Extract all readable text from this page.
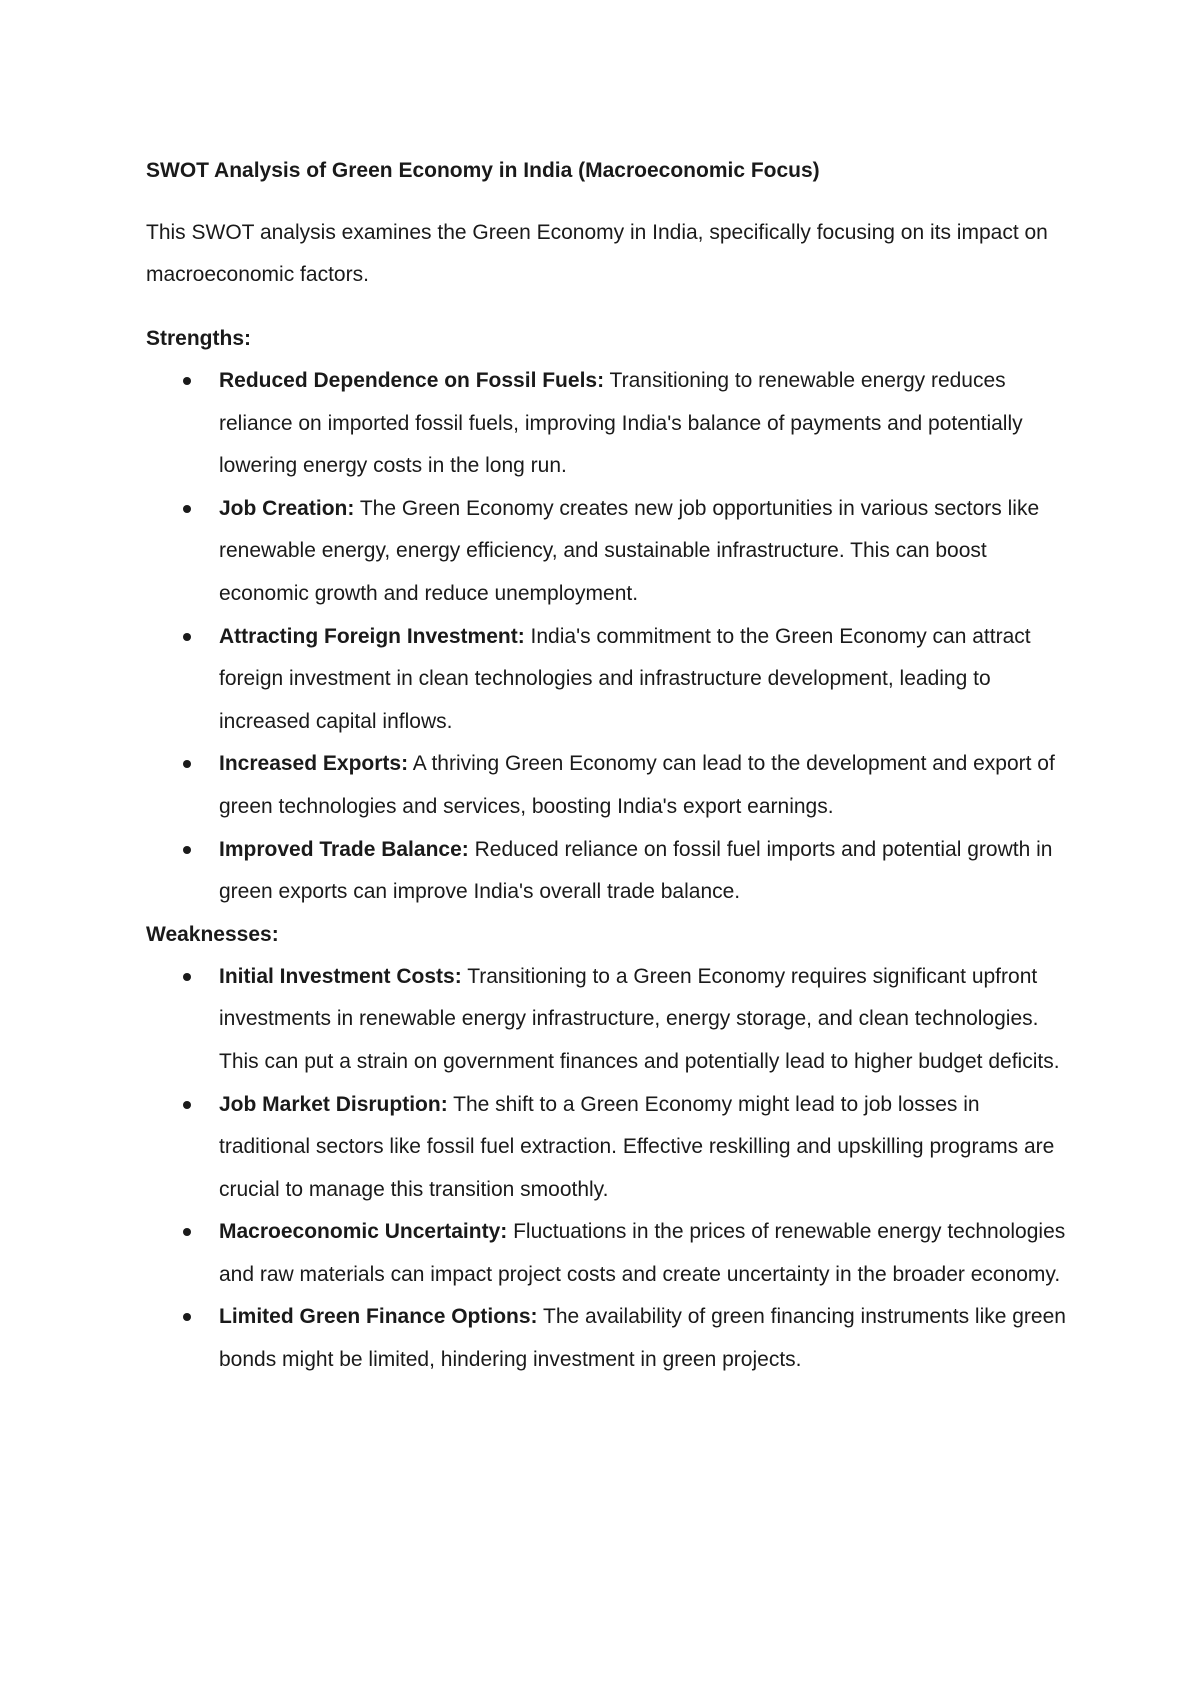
SWOT Analysis of Green Economy in India (Macroeconomic Focus)
This SWOT analysis examines the Green Economy in India, specifically focusing on its impact on macroeconomic factors.
Strengths:
Reduced Dependence on Fossil Fuels: Transitioning to renewable energy reduces reliance on imported fossil fuels, improving India's balance of payments and potentially lowering energy costs in the long run.
Job Creation: The Green Economy creates new job opportunities in various sectors like renewable energy, energy efficiency, and sustainable infrastructure. This can boost economic growth and reduce unemployment.
Attracting Foreign Investment: India's commitment to the Green Economy can attract foreign investment in clean technologies and infrastructure development, leading to increased capital inflows.
Increased Exports: A thriving Green Economy can lead to the development and export of green technologies and services, boosting India's export earnings.
Improved Trade Balance: Reduced reliance on fossil fuel imports and potential growth in green exports can improve India's overall trade balance.
Weaknesses:
Initial Investment Costs: Transitioning to a Green Economy requires significant upfront investments in renewable energy infrastructure, energy storage, and clean technologies. This can put a strain on government finances and potentially lead to higher budget deficits.
Job Market Disruption: The shift to a Green Economy might lead to job losses in traditional sectors like fossil fuel extraction. Effective reskilling and upskilling programs are crucial to manage this transition smoothly.
Macroeconomic Uncertainty: Fluctuations in the prices of renewable energy technologies and raw materials can impact project costs and create uncertainty in the broader economy.
Limited Green Finance Options: The availability of green financing instruments like green bonds might be limited, hindering investment in green projects.
